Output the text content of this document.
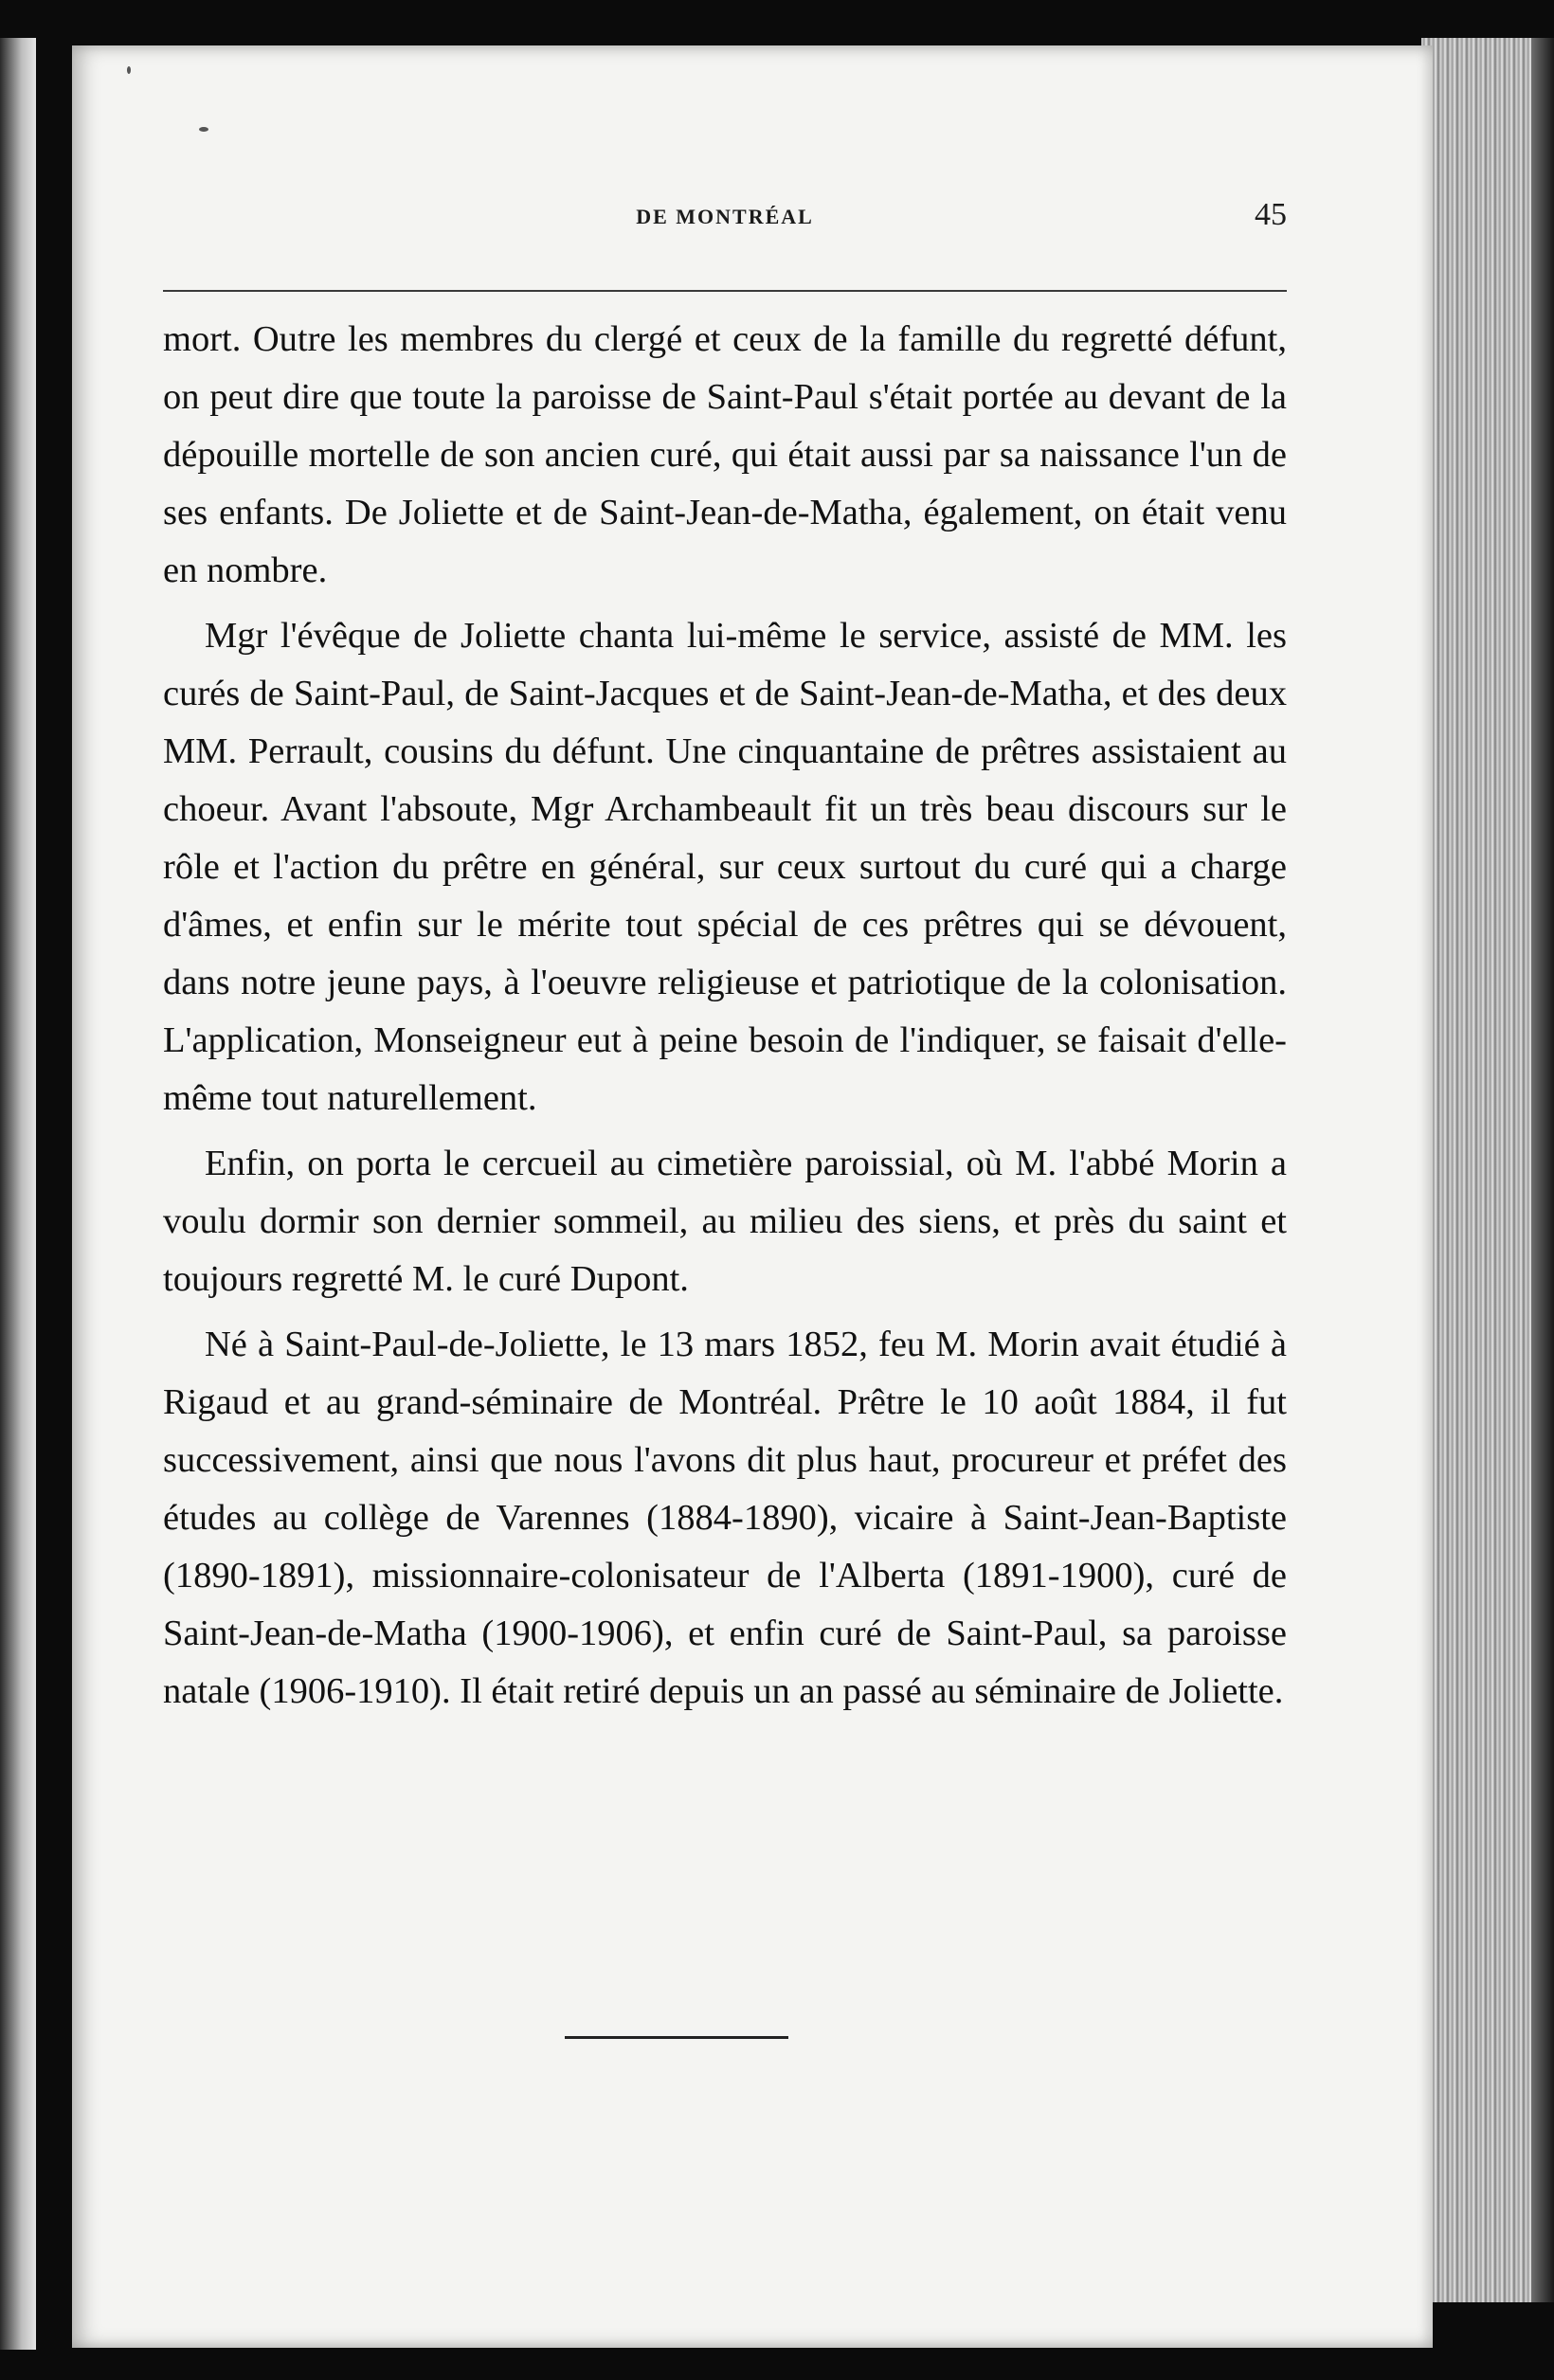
DE MONTRÉAL	45

mort. Outre les membres du clergé et ceux de la famille du regretté défunt, on peut dire que toute la paroisse de Saint-Paul s'était portée au devant de la dépouille mortelle de son ancien curé, qui était aussi par sa naissance l'un de ses enfants. De Joliette et de Saint-Jean-de-Matha, également, on était venu en nombre.

Mgr l'évêque de Joliette chanta lui-même le service, assisté de MM. les curés de Saint-Paul, de Saint-Jacques et de Saint-Jean-de-Matha, et des deux MM. Perrault, cousins du défunt. Une cinquantaine de prêtres assistaient au choeur. Avant l'absoute, Mgr Archambeault fit un très beau discours sur le rôle et l'action du prêtre en général, sur ceux surtout du curé qui a charge d'âmes, et enfin sur le mérite tout spécial de ces prêtres qui se dévouent, dans notre jeune pays, à l'oeuvre religieuse et patriotique de la colonisation. L'application, Monseigneur eut à peine besoin de l'indiquer, se faisait d'elle-même tout naturellement.

Enfin, on porta le cercueil au cimetière paroissial, où M. l'abbé Morin a voulu dormir son dernier sommeil, au milieu des siens, et près du saint et toujours regretté M. le curé Dupont.

Né à Saint-Paul-de-Joliette, le 13 mars 1852, feu M. Morin avait étudié à Rigaud et au grand-séminaire de Montréal. Prêtre le 10 août 1884, il fut successivement, ainsi que nous l'avons dit plus haut, procureur et préfet des études au collège de Varennes (1884-1890), vicaire à Saint-Jean-Baptiste (1890-1891), missionnaire-colonisateur de l'Alberta (1891-1900), curé de Saint-Jean-de-Matha (1900-1906), et enfin curé de Saint-Paul, sa paroisse natale (1906-1910). Il était retiré depuis un an passé au séminaire de Joliette.
